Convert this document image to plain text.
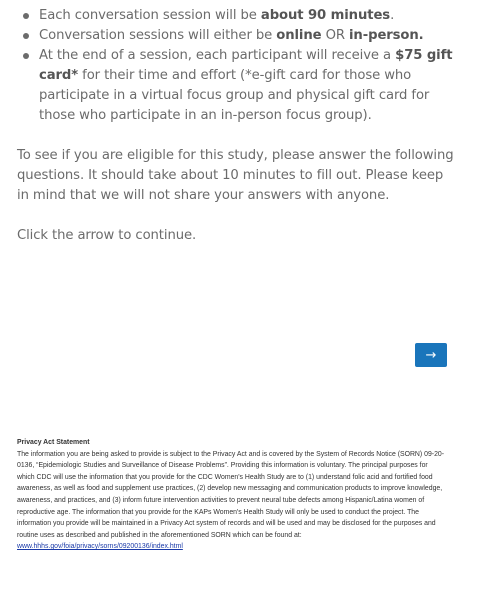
Each conversation session will be about 90 minutes.
Conversation sessions will either be online OR in-person.
At the end of a session, each participant will receive a $75 gift card* for their time and effort (*e-gift card for those who participate in a virtual focus group and physical gift card for those who participate in an in-person focus group).

To see if you are eligible for this study, please answer the following questions. It should take about 10 minutes to fill out. Please keep in mind that we will not share your answers with anyone.

Click the arrow to continue.

→
Privacy Act Statement
The information you are being asked to provide is subject to the Privacy Act and is covered by the System of Records Notice (SORN) 09-20-0136, “Epidemiologic Studies and Surveillance of Disease Problems”. Providing this information is voluntary. The principal purposes for which CDC will use the information that you provide for the CDC Women's Health Study are to (1) understand folic acid and fortified food awareness, as well as food and supplement use practices, (2) develop new messaging and communication products to improve knowledge, awareness, and practices, and (3) inform future intervention activities to prevent neural tube defects among Hispanic/Latina women of reproductive age. The information that you provide for the KAPs Women's Health Study will only be used to conduct the project. The information you provide will be maintained in a Privacy Act system of records and will be used and may be disclosed for the purposes and routine uses as described and published in the aforementioned SORN which can be found at: www.hhhs.gov/foia/privacy/sorns/09200136/index.html
